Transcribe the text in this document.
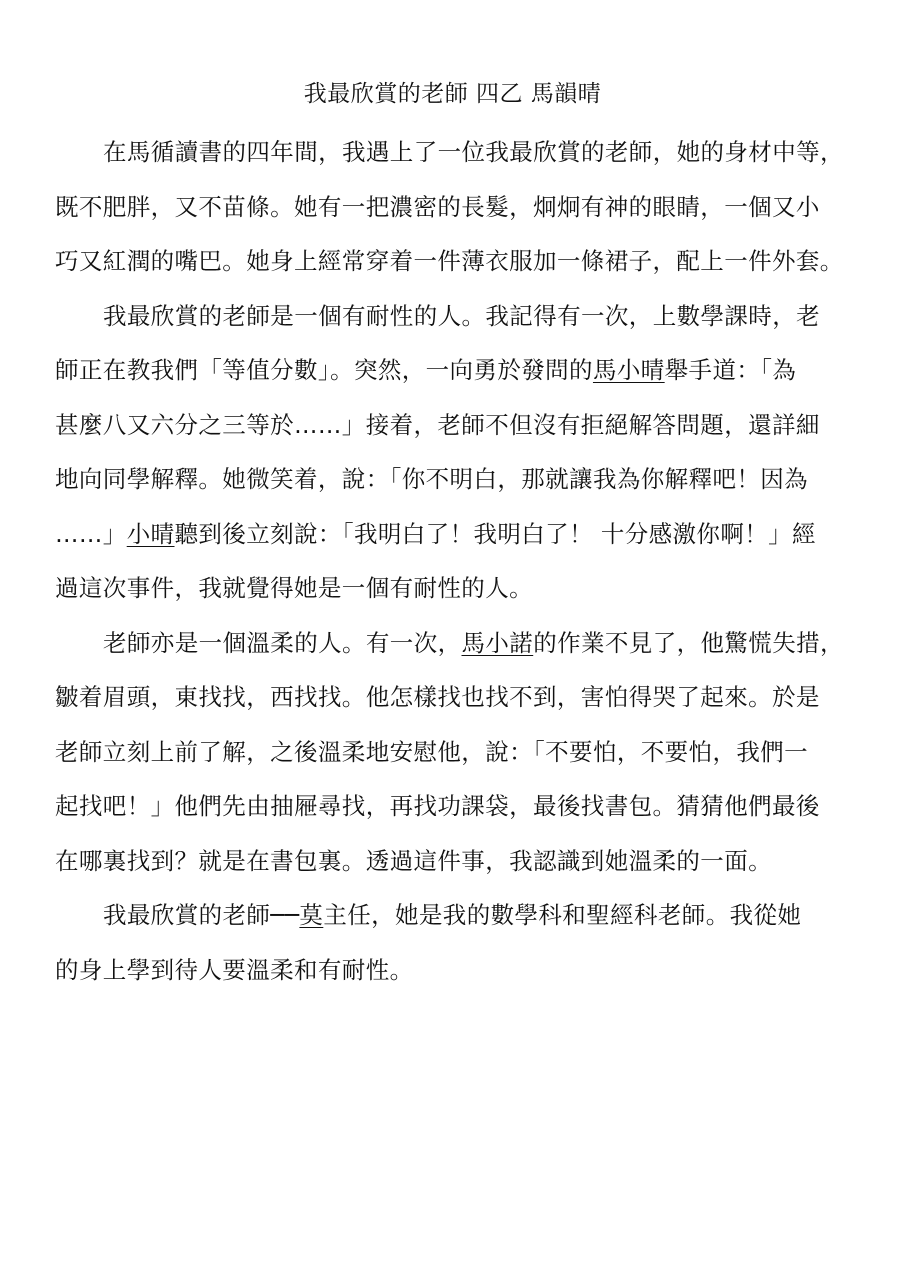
我最欣賞的老師 四乙 馬韻晴
在馬循讀書的四年間，我遇上了一位我最欣賞的老師，她的身材中等，
既不肥胖，又不苗條。她有一把濃密的長髮，炯炯有神的眼睛，一個又小
巧又紅潤的嘴巴。她身上經常穿着一件薄衣服加一條裙子，配上一件外套。
我最欣賞的老師是一個有耐性的人。我記得有一次，上數學課時，老
師正在教我們「等值分數」。突然，一向勇於發問的馬小晴舉手道：「為
甚麼八又六分之三等於……」接着，老師不但沒有拒絕解答問題，還詳細
地向同學解釋。她微笑着，說：「你不明白，那就讓我為你解釋吧！因為
……」小晴聽到後立刻說：「我明白了！我明白了！ 十分感激你啊！」經
過這次事件，我就覺得她是一個有耐性的人。
老師亦是一個溫柔的人。有一次，馬小諾的作業不見了，他驚慌失措，
皺着眉頭，東找找，西找找。他怎樣找也找不到，害怕得哭了起來。於是
老師立刻上前了解，之後溫柔地安慰他，說：「不要怕，不要怕，我們一
起找吧！」他們先由抽屜尋找，再找功課袋，最後找書包。猜猜他們最後
在哪裏找到？就是在書包裏。透過這件事，我認識到她溫柔的一面。
我最欣賞的老師──莫主任，她是我的數學科和聖經科老師。我從她
的身上學到待人要溫柔和有耐性。
